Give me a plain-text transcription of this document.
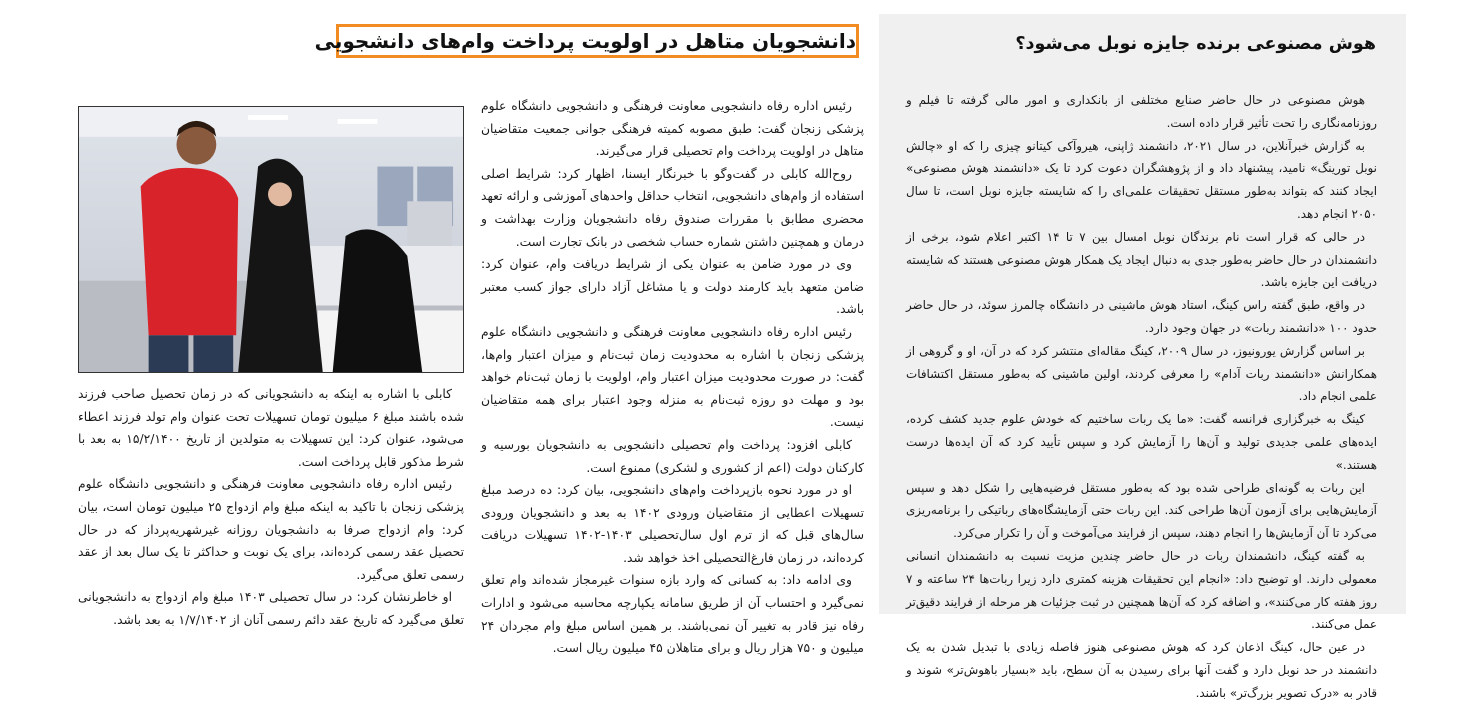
دانشجویان متاهل در اولویت پرداخت وام‌های دانشجویی

رئیس اداره رفاه دانشجویی معاونت فرهنگی و دانشجویی دانشگاه علوم پزشکی زنجان گفت: طبق مصوبه کمیته فرهنگی جوانی جمعیت متقاضیان متاهل در اولویت پرداخت وام تحصیلی قرار می‌گیرند.

روح‌الله کابلی در گفت‌وگو با خبرنگار ایسنا، اظهار کرد: شرایط اصلی استفاده از وام‌های دانشجویی، انتخاب حداقل واحدهای آموزشی و ارائه تعهد محضری مطابق با مقررات صندوق رفاه دانشجویان وزارت بهداشت و درمان و همچنین داشتن شماره حساب شخصی در بانک تجارت است.

وی در مورد ضامن به عنوان یکی از شرایط دریافت وام، عنوان کرد: ضامن متعهد باید کارمند دولت و یا مشاغل آزاد دارای جواز کسب معتبر باشد.

رئیس اداره رفاه دانشجویی معاونت فرهنگی و دانشجویی دانشگاه علوم پزشکی زنجان با اشاره به محدودیت زمان ثبت‌نام و میزان اعتبار وام‌ها، گفت: در صورت محدودیت میزان اعتبار وام، اولویت با زمان ثبت‌نام خواهد بود و مهلت دو روزه ثبت‌نام به منزله وجود اعتبار برای همه متقاضیان نیست.

کابلی افزود: پرداخت وام تحصیلی دانشجویی به دانشجویان بورسیه و کارکنان دولت (اعم از کشوری و لشکری) ممنوع است.

او در مورد نحوه بازپرداخت وام‌های دانشجویی، بیان کرد: ده درصد مبلغ تسهیلات اعطایی از متقاضیان ورودی ۱۴۰۲ به بعد و دانشجویان ورودی سال‌های قبل که از ترم اول سال‌تحصیلی ۱۴۰۳-۱۴۰۲ تسهیلات دریافت کرده‌اند، در زمان فارغ‌التحصیلی اخذ خواهد شد.

وی ادامه داد: به کسانی که وارد بازه سنوات غیرمجاز شده‌اند وام تعلق نمی‌گیرد و احتساب آن از طریق سامانه یکپارچه محاسبه می‌شود و ادارات رفاه نیز قادر به تغییر آن نمی‌باشند. بر همین اساس مبلغ وام مجردان ۲۴ میلیون و ۷۵۰ هزار ریال و برای متاهلان ۴۵ میلیون ریال است.

کابلی با اشاره به اینکه به دانشجویانی که در زمان تحصیل صاحب فرزند شده باشند مبلغ ۶ میلیون تومان تسهیلات تحت عنوان وام تولد فرزند اعطاء می‌شود، عنوان کرد: این تسهیلات به متولدین از تاریخ ۱۵/۲/۱۴۰۰ به بعد با شرط مذکور قابل پرداخت است.

رئیس اداره رفاه دانشجویی معاونت فرهنگی و دانشجویی دانشگاه علوم پزشکی زنجان با تاکید به اینکه مبلغ وام ازدواج ۲۵ میلیون تومان است، بیان کرد: وام ازدواج صرفا به دانشجویان روزانه غیرشهریه‌پرداز که در حال تحصیل عقد رسمی کرده‌اند، برای یک نوبت و حداکثر تا یک سال بعد از عقد رسمی تعلق می‌گیرد.

او خاطرنشان کرد: در سال تحصیلی ۱۴۰۳ مبلغ وام ازدواج به دانشجویانی تعلق می‌گیرد که تاریخ عقد دائم رسمی آنان از ۱/۷/۱۴۰۲ به بعد باشد.

هوش مصنوعی برنده جایزه نوبل می‌شود؟

هوش مصنوعی در حال حاضر صنایع مختلفی از بانکداری و امور مالی گرفته تا فیلم و روزنامه‌نگاری را تحت تأثیر قرار داده است.

به گزارش خبرآنلاین، در سال ۲۰۲۱، دانشمند ژاپنی، هیروآکی کیتانو چیزی را که او «چالش نوبل تورینگ» نامید، پیشنهاد داد و از پژوهشگران دعوت کرد تا یک «دانشمند هوش مصنوعی» ایجاد کنند که بتواند به‌طور مستقل تحقیقات علمی‌ای را که شایسته جایزه نوبل است، تا سال ۲۰۵۰ انجام دهد.

در حالی که قرار است نام برندگان نوبل امسال بین ۷ تا ۱۴ اکتبر اعلام شود، برخی از دانشمندان در حال حاضر به‌طور جدی به دنبال ایجاد یک همکار هوش مصنوعی هستند که شایسته دریافت این جایزه باشد.

در واقع، طبق گفته راس کینگ، استاد هوش ماشینی در دانشگاه چالمرز سوئد، در حال حاضر حدود ۱۰۰ «دانشمند ربات» در جهان وجود دارد.

بر اساس گزارش یورونیوز، در سال ۲۰۰۹، کینگ مقاله‌ای منتشر کرد که در آن، او و گروهی از همکارانش «دانشمند ربات آدام» را معرفی کردند، اولین ماشینی که به‌طور مستقل اکتشافات علمی انجام داد.

کینگ به خبرگزاری فرانسه گفت: «ما یک ربات ساختیم که خودش علوم جدید کشف کرده، ایده‌های علمی جدیدی تولید و آن‌ها را آزمایش کرد و سپس تأیید کرد که آن ایده‌ها درست هستند.»

این ربات به گونه‌ای طراحی شده بود که به‌طور مستقل فرضیه‌هایی را شکل دهد و سپس آزمایش‌هایی برای آزمون آن‌ها طراحی کند. این ربات حتی آزمایشگاه‌های رباتیکی را برنامه‌ریزی می‌کرد تا آن آزمایش‌ها را انجام دهند، سپس از فرایند می‌آموخت و آن را تکرار می‌کرد.

به گفته کینگ، دانشمندان ربات در حال حاضر چندین مزیت نسبت به دانشمندان انسانی معمولی دارند. او توضیح داد: «انجام این تحقیقات هزینه کمتری دارد زیرا ربات‌ها ۲۴ ساعته و ۷ روز هفته کار می‌کنند»، و اضافه کرد که آن‌ها همچنین در ثبت جزئیات هر مرحله از فرایند دقیق‌تر عمل می‌کنند.

در عین حال، کینگ اذعان کرد که هوش مصنوعی هنوز فاصله زیادی با تبدیل شدن به یک دانشمند در حد نوبل دارد و گفت آنها برای رسیدن به آن سطح، باید «بسیار باهوش‌تر» شوند و قادر به «درک تصویر بزرگ‌تر» باشند.
